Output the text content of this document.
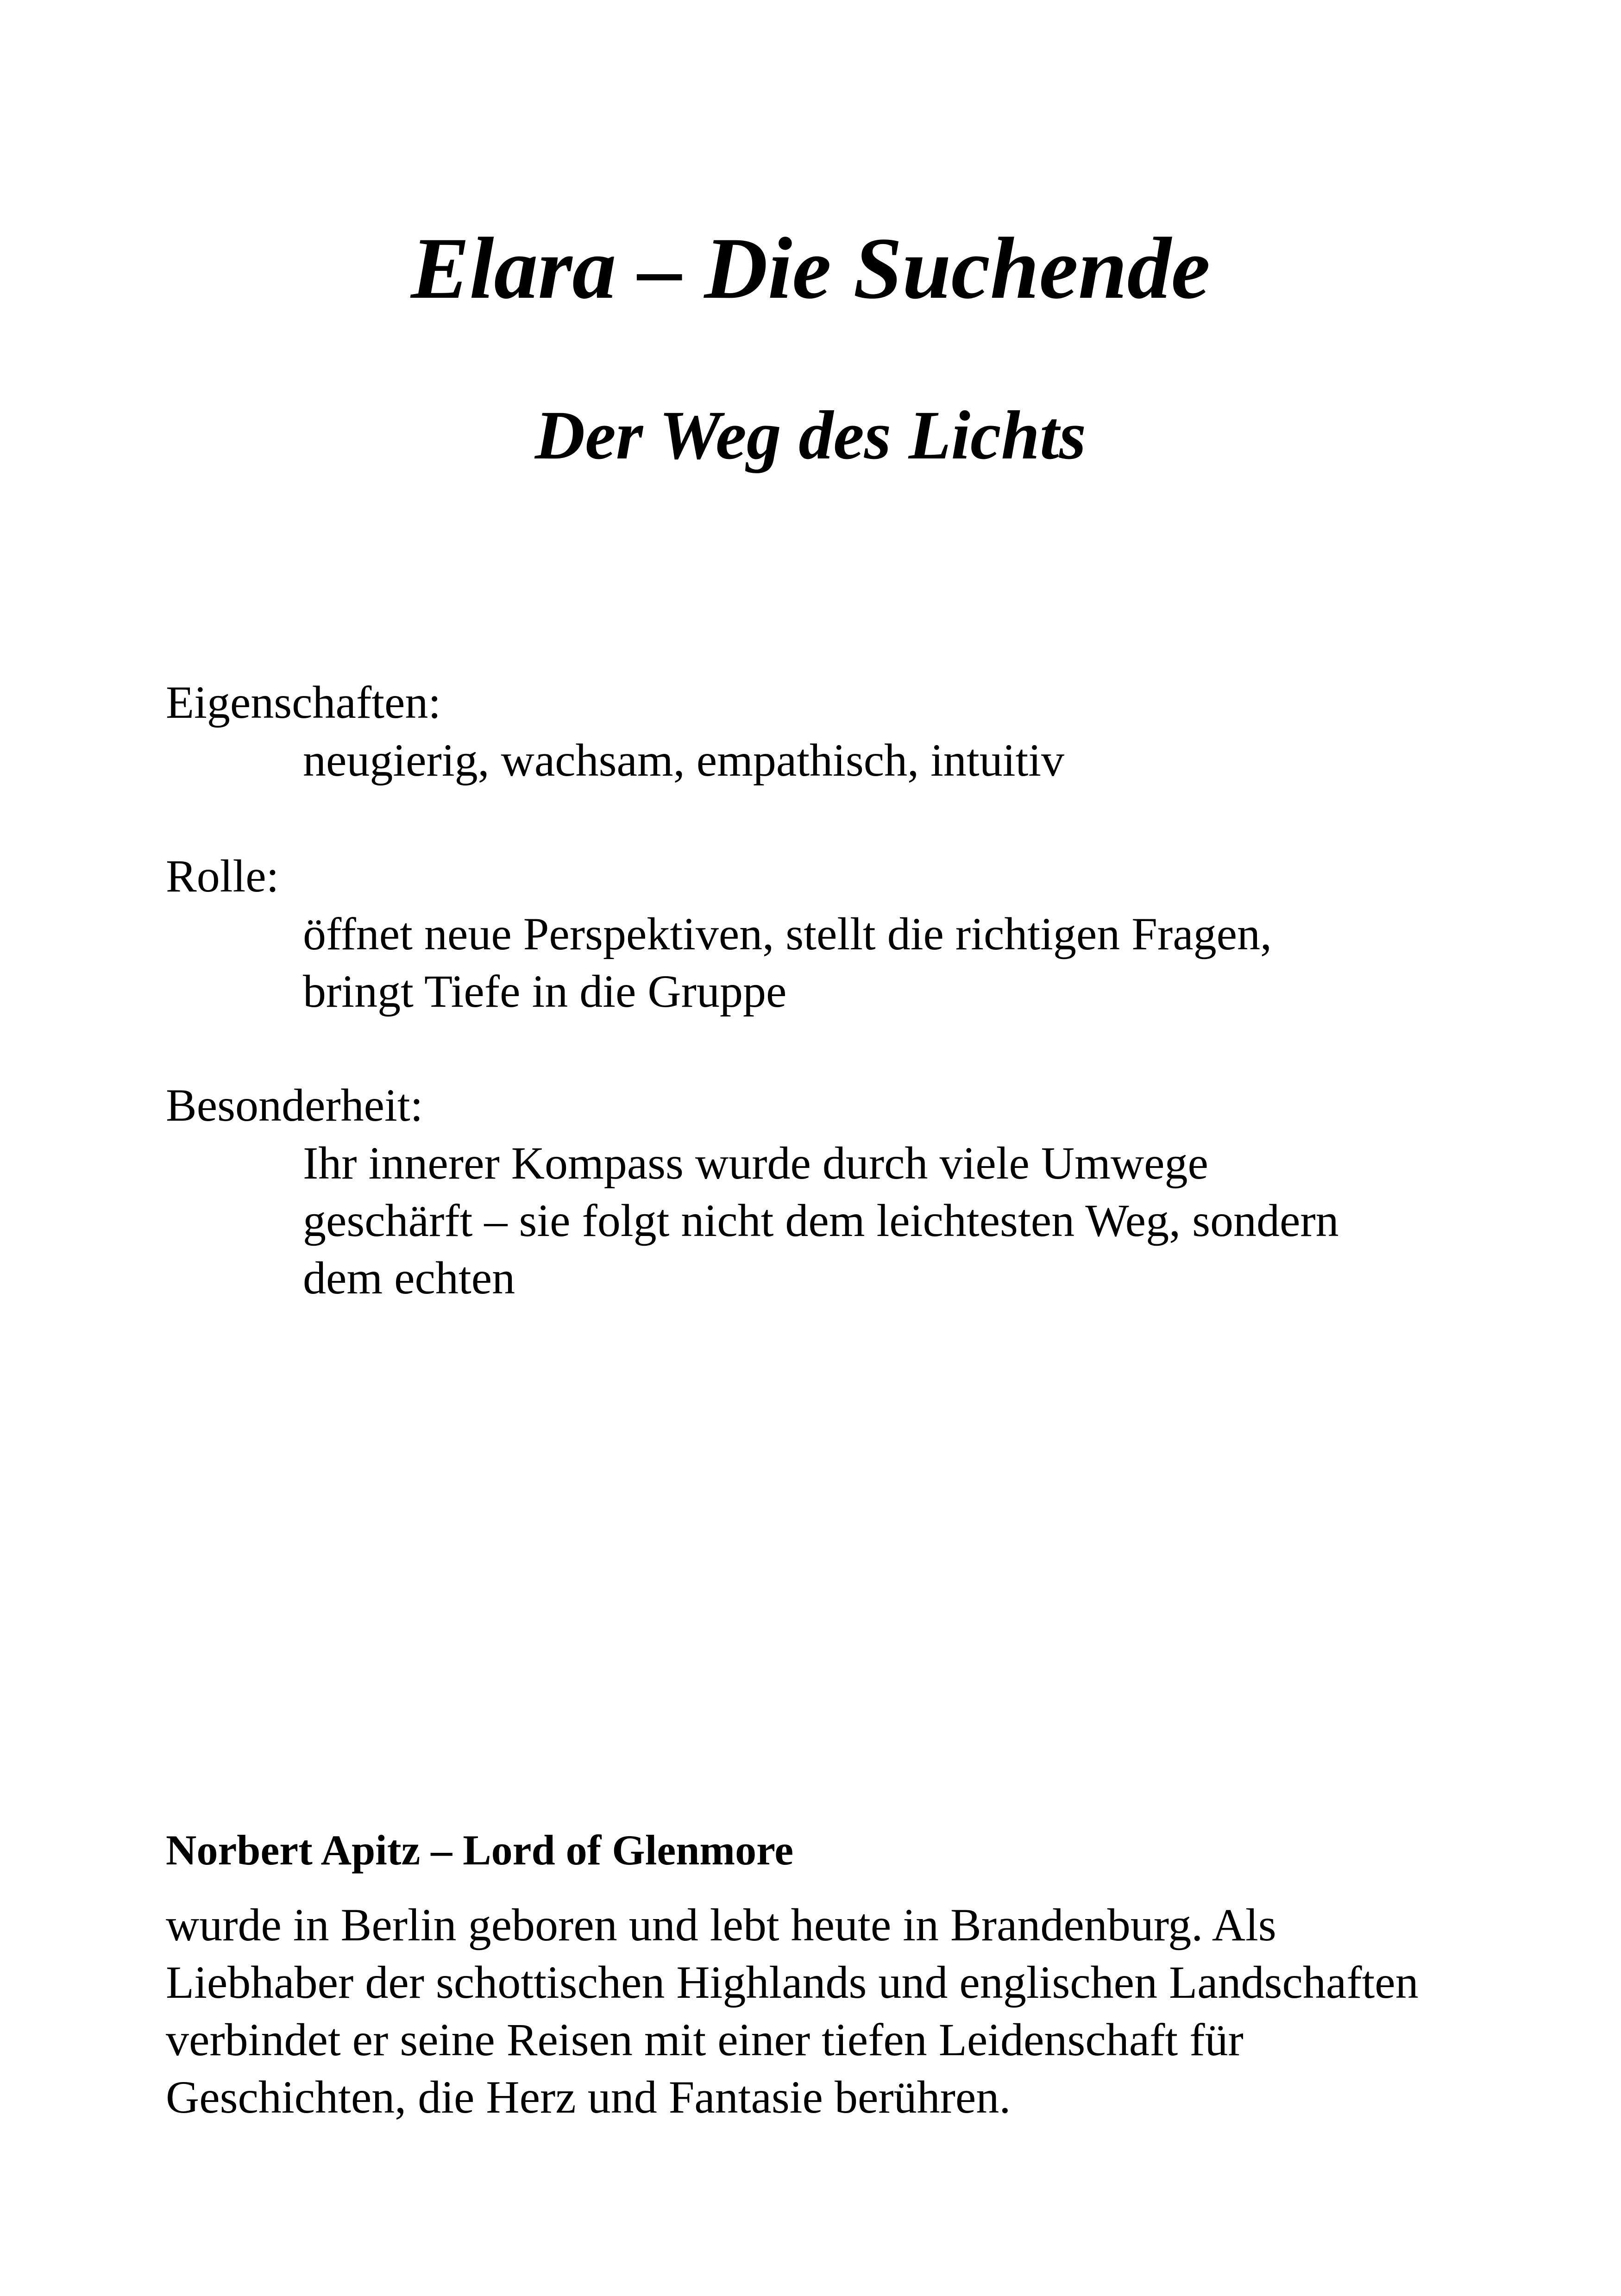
Elara – Die Suchende
Der Weg des Lichts

Eigenschaften:

neugierig, wachsam, empathisch, intuitiv

Rolle:

öffnet neue Perspektiven, stellt die richtigen Fragen,
bringt Tiefe in die Gruppe

Besonderheit:

Ihr innerer Kompass wurde durch viele Umwege
geschärft – sie folgt nicht dem leichtesten Weg, sondern
dem echten

Norbert Apitz – Lord of Glenmore

wurde in Berlin geboren und lebt heute in Brandenburg. Als
Liebhaber der schottischen Highlands und englischen Landschaften
verbindet er seine Reisen mit einer tiefen Leidenschaft für
Geschichten, die Herz und Fantasie berühren.
